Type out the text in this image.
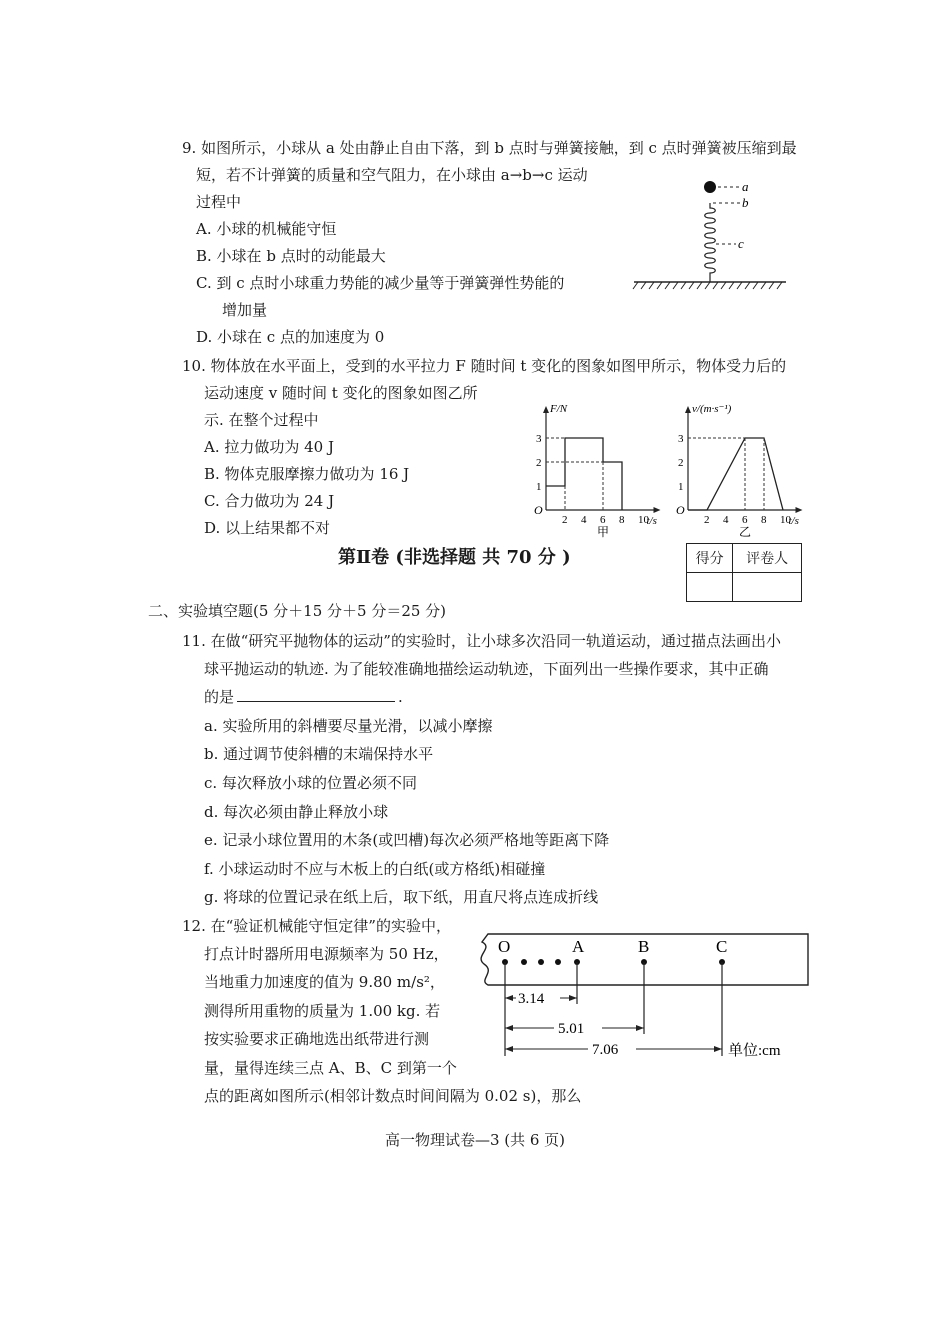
9. 如图所示，小球从 a 处由静止自由下落，到 b 点时与弹簧接触，到 c 点时弹簧被压缩到最
短，若不计弹簧的质量和空气阻力，在小球由 a→b→c 运动
过程中
A. 小球的机械能守恒
B. 小球在 b 点时的动能最大
C. 到 c 点时小球重力势能的减少量等于弹簧弹性势能的
增加量
D. 小球在 c 点的加速度为 0
a
b
c
10. 物体放在水平面上，受到的水平拉力 F 随时间 t 变化的图象如图甲所示，物体受力后的
运动速度 v 随时间 t 变化的图象如图乙所
示. 在整个过程中
A. 拉力做功为 40 J
B. 物体克服摩擦力做功为 16 J
C. 合力做功为 24 J
D. 以上结果都不对
F/N
O
t/s
2 4 6 8 10
1
2
3
甲
v/(m·s⁻¹)
O
t/s
2 4 6 8 10
1
2
3
乙
第Ⅱ卷 (非选择题 共 70 分 )	得分	评卷人

二、实验填空题(5 分＋15 分＋5 分＝25 分)
11. 在做“研究平抛物体的运动”的实验时，让小球多次沿同一轨道运动，通过描点法画出小
球平抛运动的轨迹. 为了能较准确地描绘运动轨迹，下面列出一些操作要求，其中正确
的是	.
a. 实验所用的斜槽要尽量光滑，以减小摩擦
b. 通过调节使斜槽的末端保持水平
c. 每次释放小球的位置必须不同
d. 每次必须由静止释放小球
e. 记录小球位置用的木条(或凹槽)每次必须严格地等距离下降
f. 小球运动时不应与木板上的白纸(或方格纸)相碰撞
g. 将球的位置记录在纸上后，取下纸，用直尺将点连成折线
12. 在“验证机械能守恒定律”的实验中，
打点计时器所用电源频率为 50 Hz，
当地重力加速度的值为 9.80 m/s²，
测得所用重物的质量为 1.00 kg. 若
按实验要求正确地选出纸带进行测
量，量得连续三点 A、B、C 到第一个
点的距离如图所示(相邻计数点时间间隔为 0.02 s)，那么
O	A	B	C
3.14
5.01
7.06	单位:cm
高一物理试卷—3 (共 6 页)
